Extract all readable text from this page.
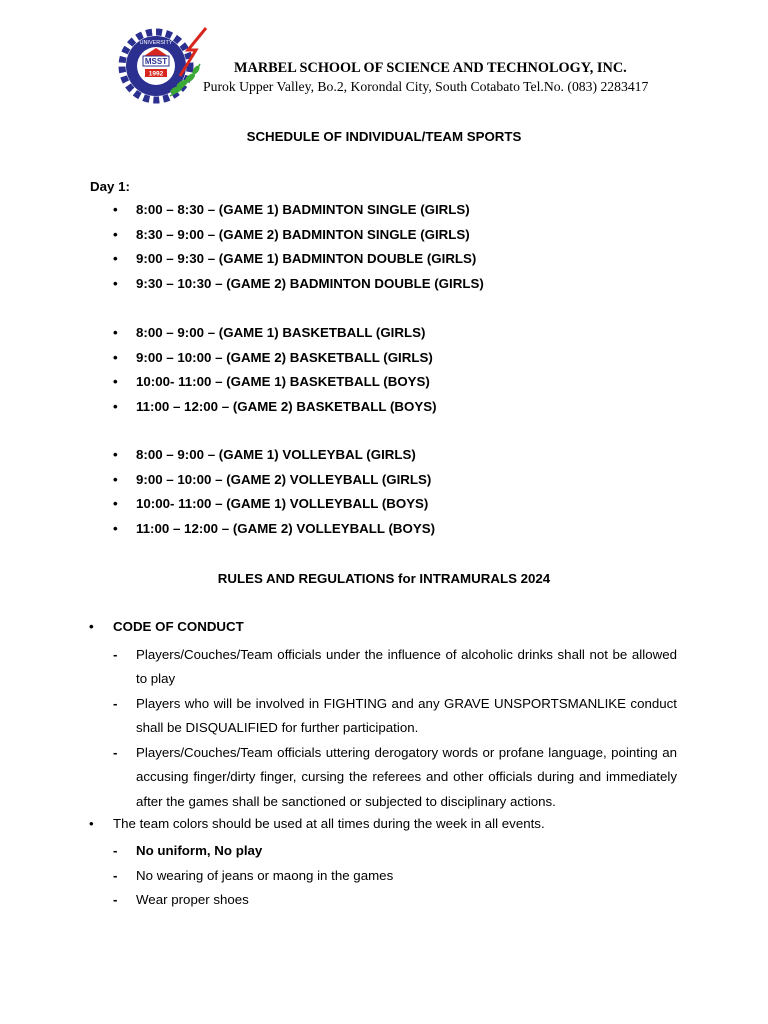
UNIVERSITY
MSST
1992	MARBEL SCHOOL OF SCIENCE AND TECHNOLOGY, INC.

Purok Upper Valley, Bo.2, Korondal City, South Cotabato Tel.No. (083) 2283417

SCHEDULE OF INDIVIDUAL/TEAM SPORTS

Day 1:

• 8:00 – 8:30 – (GAME 1) BADMINTON SINGLE (GIRLS)
• 8:30 – 9:00 – (GAME 2) BADMINTON SINGLE (GIRLS)
• 9:00 – 9:30 – (GAME 1) BADMINTON DOUBLE (GIRLS)
• 9:30 – 10:30 – (GAME 2) BADMINTON DOUBLE (GIRLS)
• 8:00 – 9:00 – (GAME 1) BASKETBALL (GIRLS)
• 9:00 – 10:00 – (GAME 2) BASKETBALL (GIRLS)
• 10:00- 11:00 – (GAME 1) BASKETBALL (BOYS)
• 11:00 – 12:00 – (GAME 2) BASKETBALL (BOYS)
• 8:00 – 9:00 – (GAME 1) VOLLEYBAL (GIRLS)
• 9:00 – 10:00 – (GAME 2) VOLLEYBALL (GIRLS)
• 10:00- 11:00 – (GAME 1) VOLLEYBALL (BOYS)
• 11:00 – 12:00 – (GAME 2) VOLLEYBALL (BOYS)
RULES AND REGULATIONS for INTRAMURALS 2024

• CODE OF CONDUCT

- Players/Couches/Team officials under the influence of alcoholic drinks shall not be allowed to play
- Players who will be involved in FIGHTING and any GRAVE UNSPORTSMANLIKE conduct shall be DISQUALIFIED for further participation.
- Players/Couches/Team officials uttering derogatory words or profane language, pointing an accusing finger/dirty finger, cursing the referees and other officials during and immediately after the games shall be sanctioned or subjected to disciplinary actions.

• The team colors should be used at all times during the week in all events.

- No uniform, No play
- No wearing of jeans or maong in the games
- Wear proper shoes
